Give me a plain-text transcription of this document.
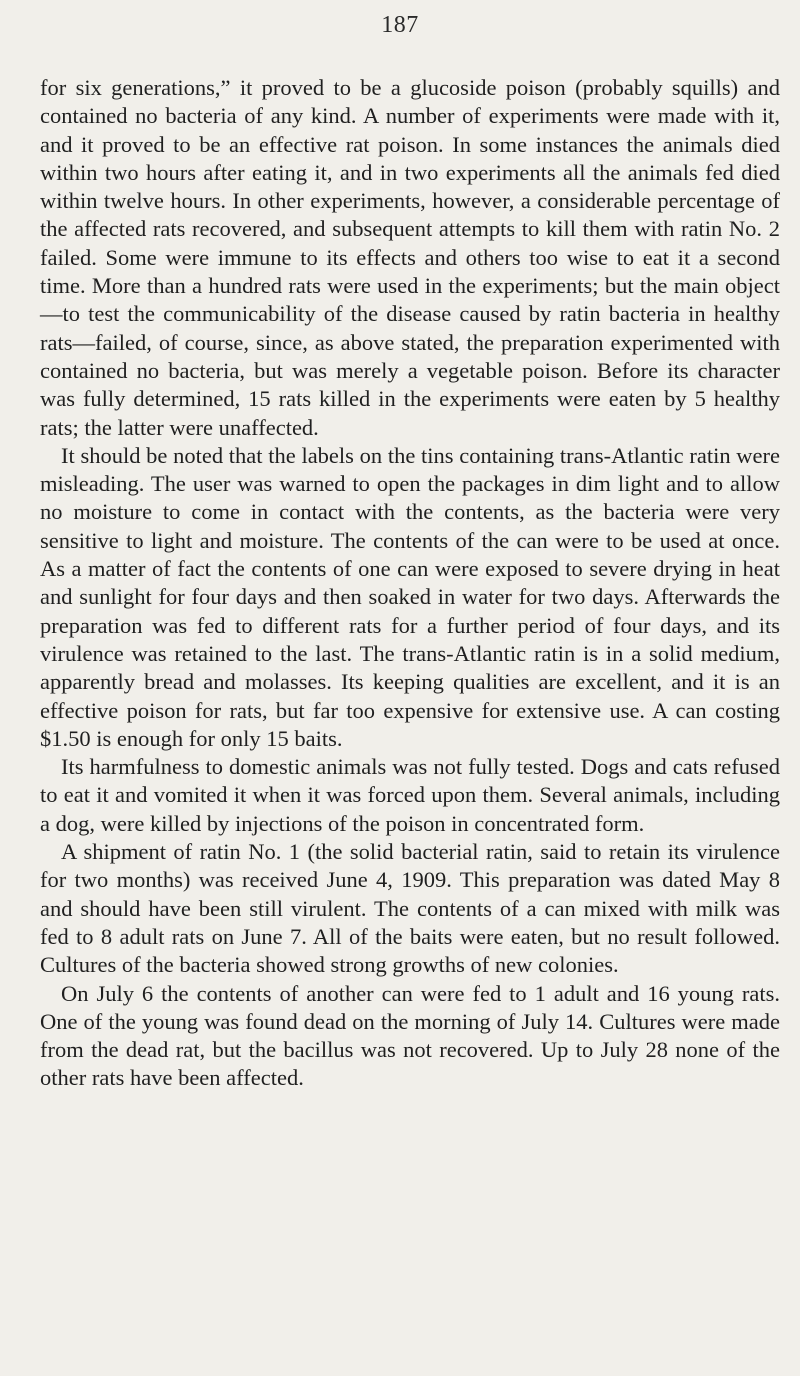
187

for six generations,” it proved to be a glucoside poison (probably squills) and contained no bacteria of any kind. A number of experiments were made with it, and it proved to be an effective rat poison. In some instances the animals died within two hours after eating it, and in two experiments all the animals fed died within twelve hours. In other experiments, however, a considerable percentage of the affected rats recovered, and subsequent attempts to kill them with ratin No. 2 failed. Some were immune to its effects and others too wise to eat it a second time. More than a hundred rats were used in the experiments; but the main object—to test the communicability of the disease caused by ratin bacteria in healthy rats—failed, of course, since, as above stated, the preparation experimented with contained no bacteria, but was merely a vegetable poison. Before its character was fully determined, 15 rats killed in the experiments were eaten by 5 healthy rats; the latter were unaffected.

It should be noted that the labels on the tins containing trans-Atlantic ratin were misleading. The user was warned to open the packages in dim light and to allow no moisture to come in contact with the contents, as the bacteria were very sensitive to light and moisture. The contents of the can were to be used at once. As a matter of fact the contents of one can were exposed to severe drying in heat and sunlight for four days and then soaked in water for two days. Afterwards the preparation was fed to different rats for a further period of four days, and its virulence was retained to the last. The trans-Atlantic ratin is in a solid medium, apparently bread and molasses. Its keeping qualities are excellent, and it is an effective poison for rats, but far too expensive for extensive use. A can costing $1.50 is enough for only 15 baits.

Its harmfulness to domestic animals was not fully tested. Dogs and cats refused to eat it and vomited it when it was forced upon them. Several animals, including a dog, were killed by injections of the poison in concentrated form.

A shipment of ratin No. 1 (the solid bacterial ratin, said to retain its virulence for two months) was received June 4, 1909. This preparation was dated May 8 and should have been still virulent. The contents of a can mixed with milk was fed to 8 adult rats on June 7. All of the baits were eaten, but no result followed. Cultures of the bacteria showed strong growths of new colonies.

On July 6 the contents of another can were fed to 1 adult and 16 young rats. One of the young was found dead on the morning of July 14. Cultures were made from the dead rat, but the bacillus was not recovered. Up to July 28 none of the other rats have been affected.
